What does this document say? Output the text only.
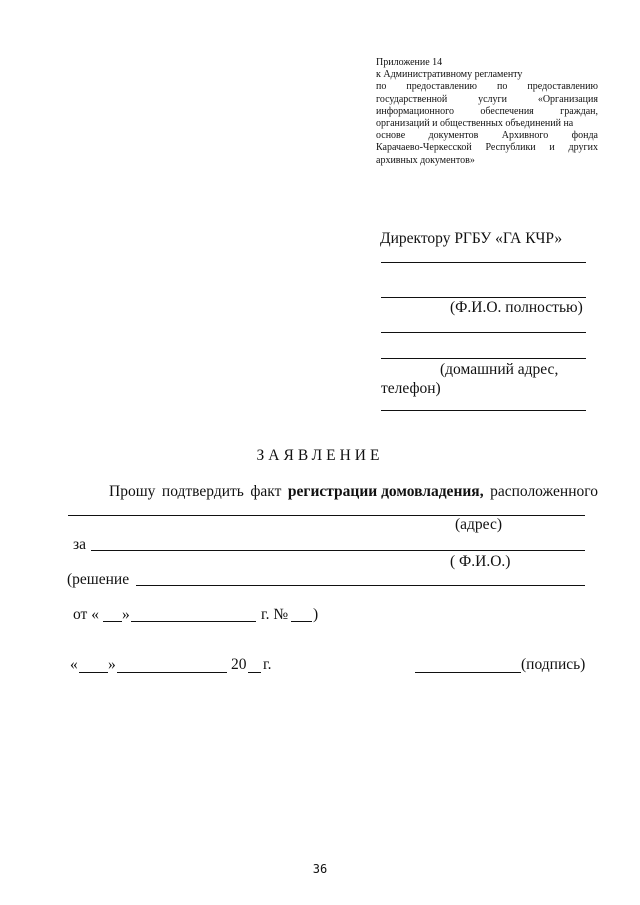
Приложение 14
к Административному регламенту
по предоставлению по предоставлению
государственной	услуги	«Организация
информационного	обеспечения	граждан,
организаций и общественных объединений на
основе документов Архивного фонда
Карачаево-Черкесской Республики и других
архивных документов»
Директору РГБУ «ГА КЧР»
(Ф.И.О. полностью)
(домашний адрес,
телефон)
ЗАЯВЛЕНИЕ
Прошу подтвердить факт регистрации домовладения, расположенного
(адрес)
за
( Ф.И.О.)
(решение
от « »	г. № )
« »	20 г.	(подпись)
36
